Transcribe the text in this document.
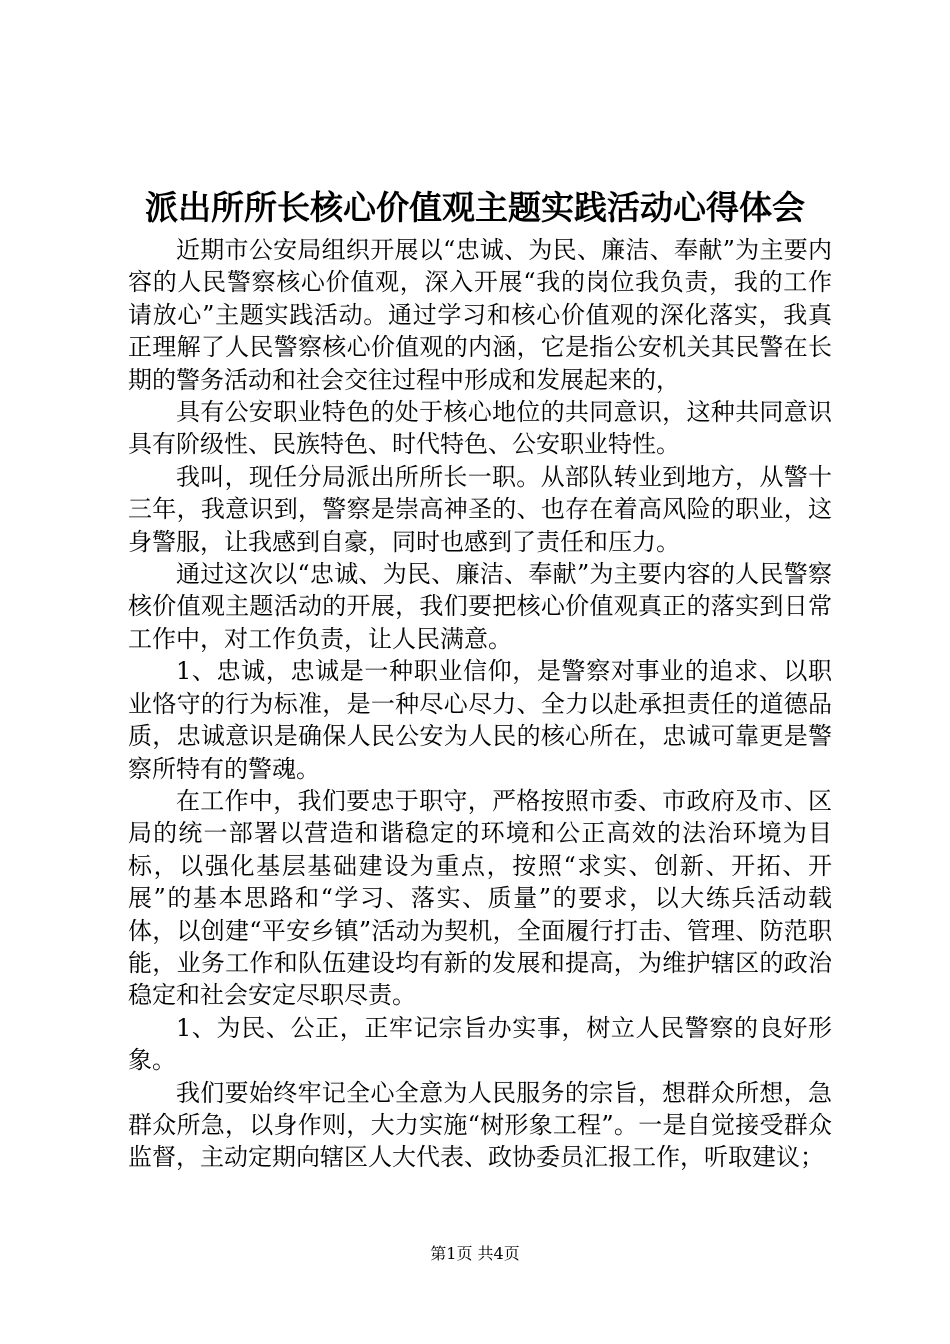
派出所所长核心价值观主题实践活动心得体会

近期市公安局组织开展以“忠诚、为民、廉洁、奉献”为主要内容的人民警察核心价值观，深入开展“我的岗位我负责，我的工作请放心”主题实践活动。通过学习和核心价值观的深化落实，我真正理解了人民警察核心价值观的内涵，它是指公安机关其民警在长期的警务活动和社会交往过程中形成和发展起来的，

具有公安职业特色的处于核心地位的共同意识，这种共同意识具有阶级性、民族特色、时代特色、公安职业特性。

我叫，现任分局派出所所长一职。从部队转业到地方，从警十三年，我意识到，警察是崇高神圣的、也存在着高风险的职业，这身警服，让我感到自豪，同时也感到了责任和压力。

通过这次以“忠诚、为民、廉洁、奉献”为主要内容的人民警察核价值观主题活动的开展，我们要把核心价值观真正的落实到日常工作中，对工作负责，让人民满意。

1、忠诚，忠诚是一种职业信仰，是警察对事业的追求、以职业恪守的行为标准，是一种尽心尽力、全力以赴承担责任的道德品质，忠诚意识是确保人民公安为人民的核心所在，忠诚可靠更是警察所特有的警魂。

在工作中，我们要忠于职守，严格按照市委、市政府及市、区局的统一部署以营造和谐稳定的环境和公正高效的法治环境为目标，以强化基层基础建设为重点，按照“求实、创新、开拓、开展”的基本思路和“学习、落实、质量”的要求，以大练兵活动载体，以创建“平安乡镇”活动为契机，全面履行打击、管理、防范职能，业务工作和队伍建设均有新的发展和提高，为维护辖区的政治稳定和社会安定尽职尽责。

1、为民、公正，正牢记宗旨办实事，树立人民警察的良好形象。

我们要始终牢记全心全意为人民服务的宗旨，想群众所想，急群众所急，以身作则，大力实施“树形象工程”。一是自觉接受群众监督，主动定期向辖区人大代表、政协委员汇报工作，听取建议；

第1页 共4页
